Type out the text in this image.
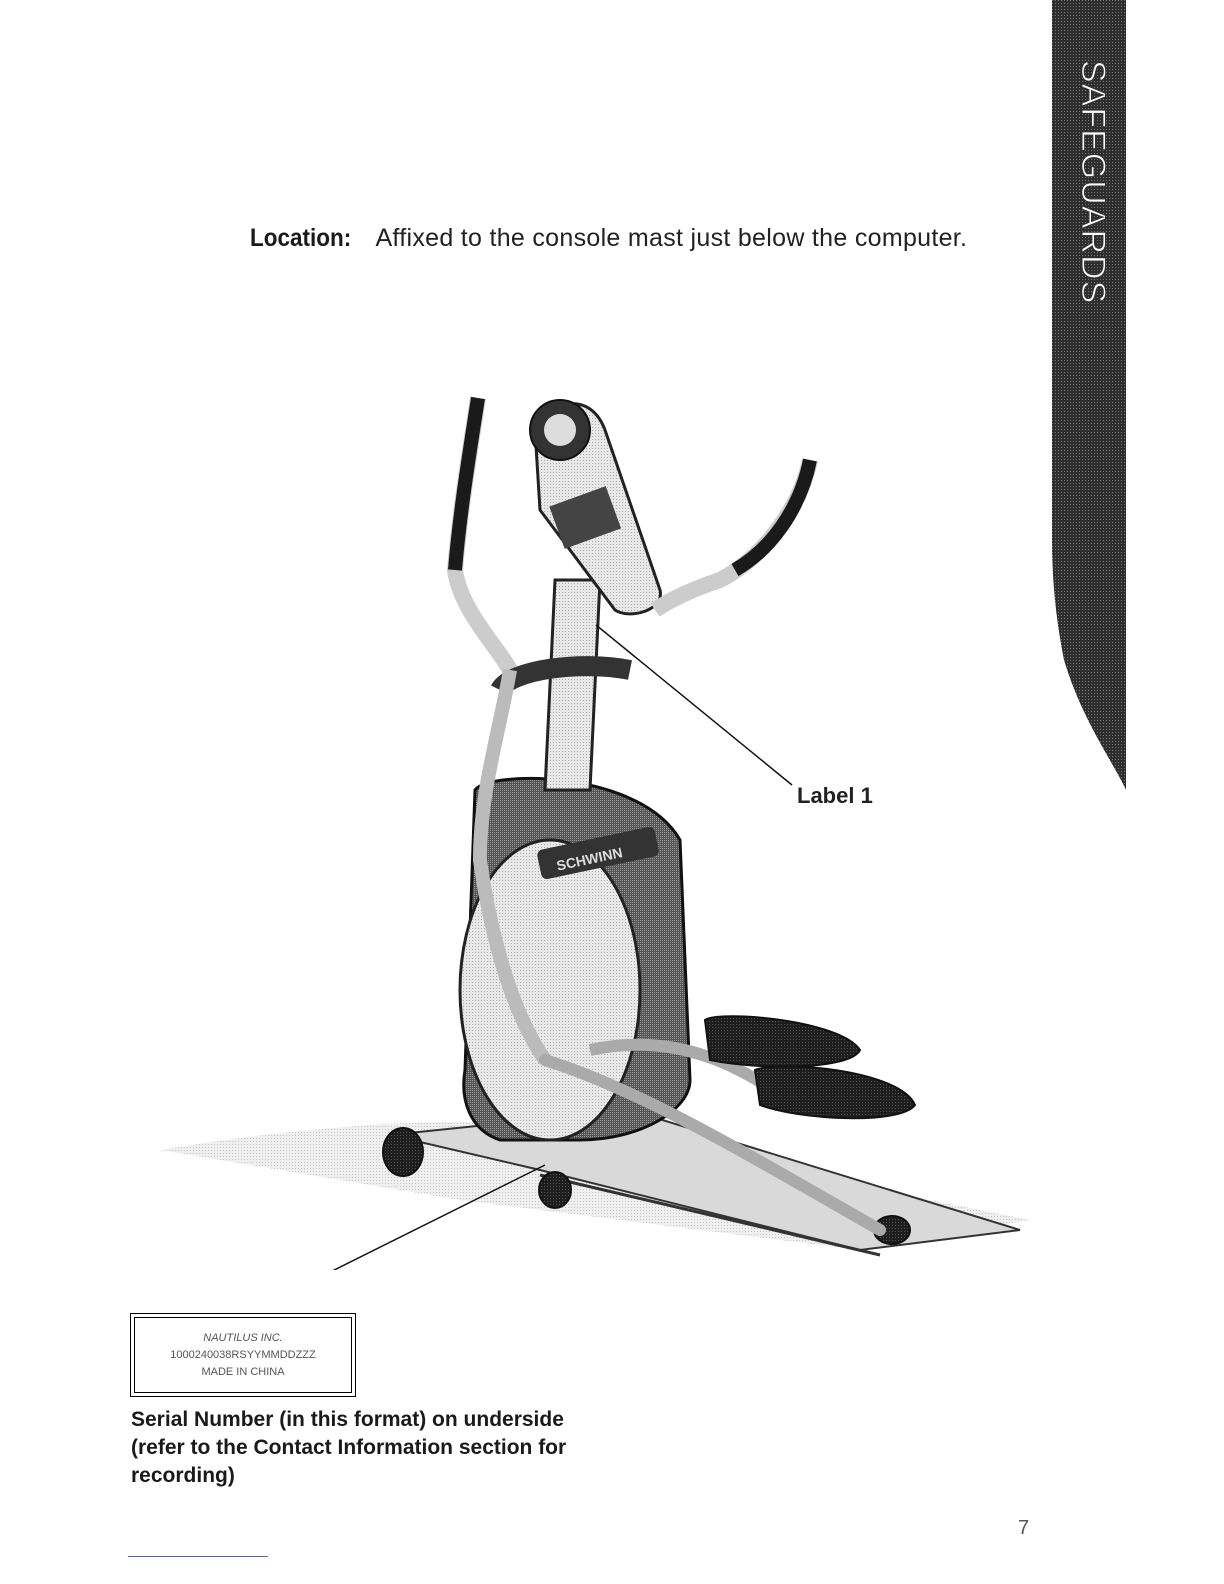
SAFEGUARDS
Location: Affixed to the console mast just below the computer.
SCHWINN
Label 1
NAUTILUS INC.
1000240038RSYYMMDDZZZ
MADE IN CHINA
Serial Number (in this format) on underside (refer to the Contact Information section for recording)
7
